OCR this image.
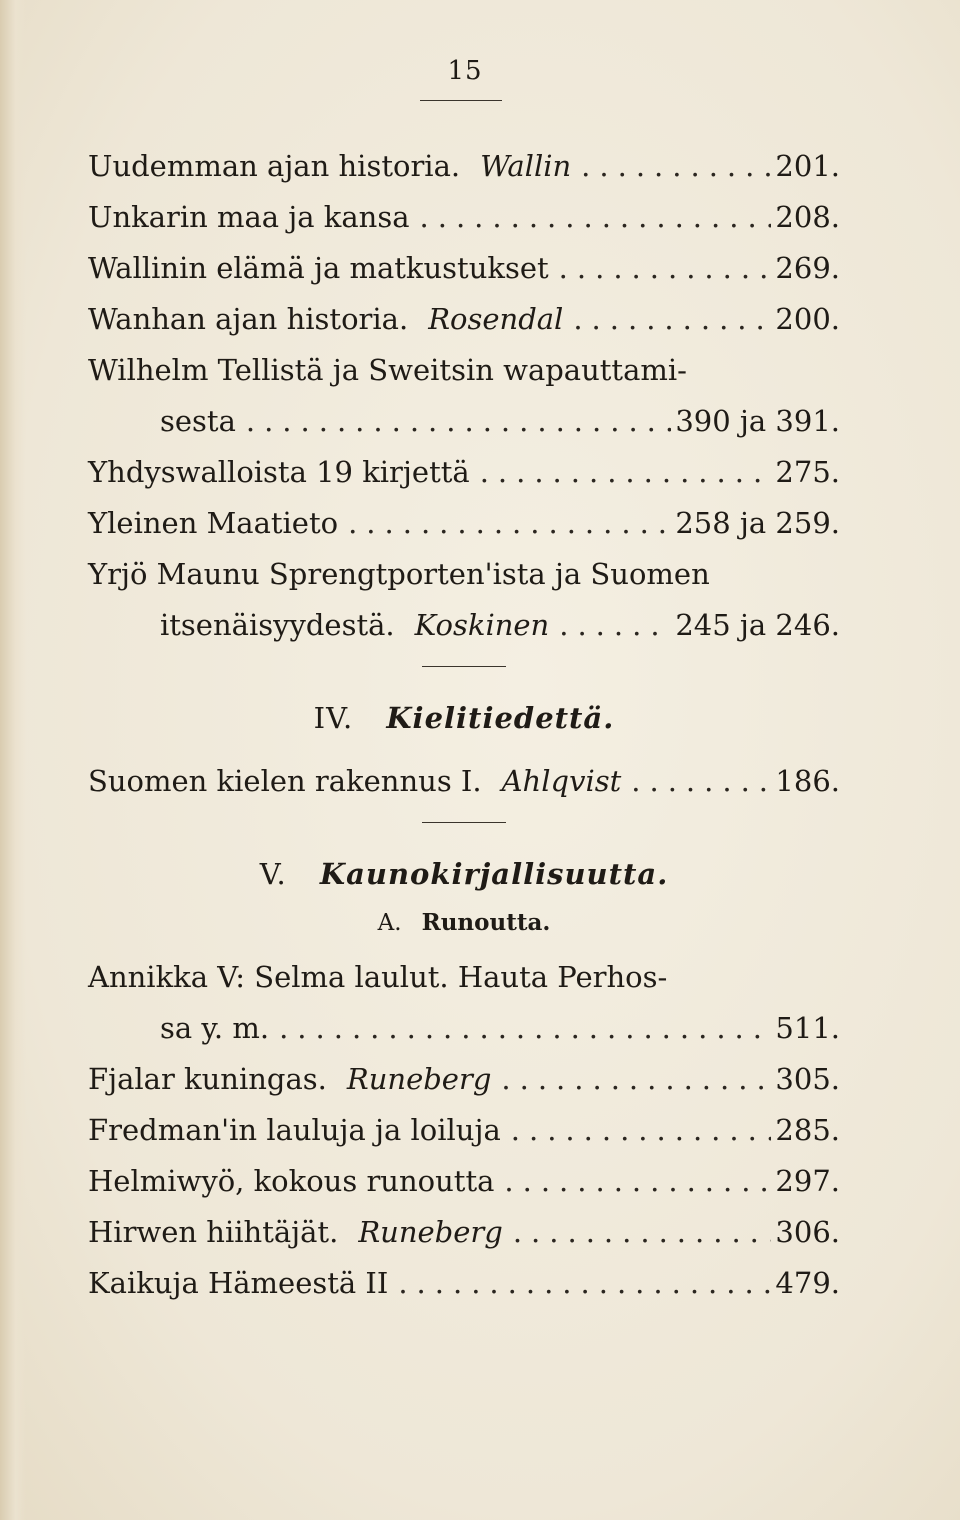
15
Uudemman ajan historia. Wallin .....	201.
Unkarin maa ja kansa .....	208.
Wallinin elämä ja matkustukset .....	269.
Wanhan ajan historia. Rosendal .....	200.
Wilhelm Tellistä ja Sweitsin wapauttami-
sesta .....	390 ja 391.
Yhdyswalloista 19 kirjettä .....	275.
Yleinen Maatieto .....	258 ja 259.
Yrjö Maunu Sprengtporten'ista ja Suomen
itsenäisyydestä. Koskinen .....	245 ja 246.
IV. Kielitiedettä.
Suomen kielen rakennus I. Ahlqvist .....	186.
V. Kaunokirjallisuutta.
A. Runoutta.
Annikka V: Selma laulut. Hauta Perhos-
sa y. m. .....	511.
Fjalar kuningas. Runeberg .....	305.
Fredman'in lauluja ja loiluja .....	285.
Helmiwyö, kokous runoutta .....	297.
Hirwen hiihtäjät. Runeberg .....	306.
Kaikuja Hämeestä II .....	479.
